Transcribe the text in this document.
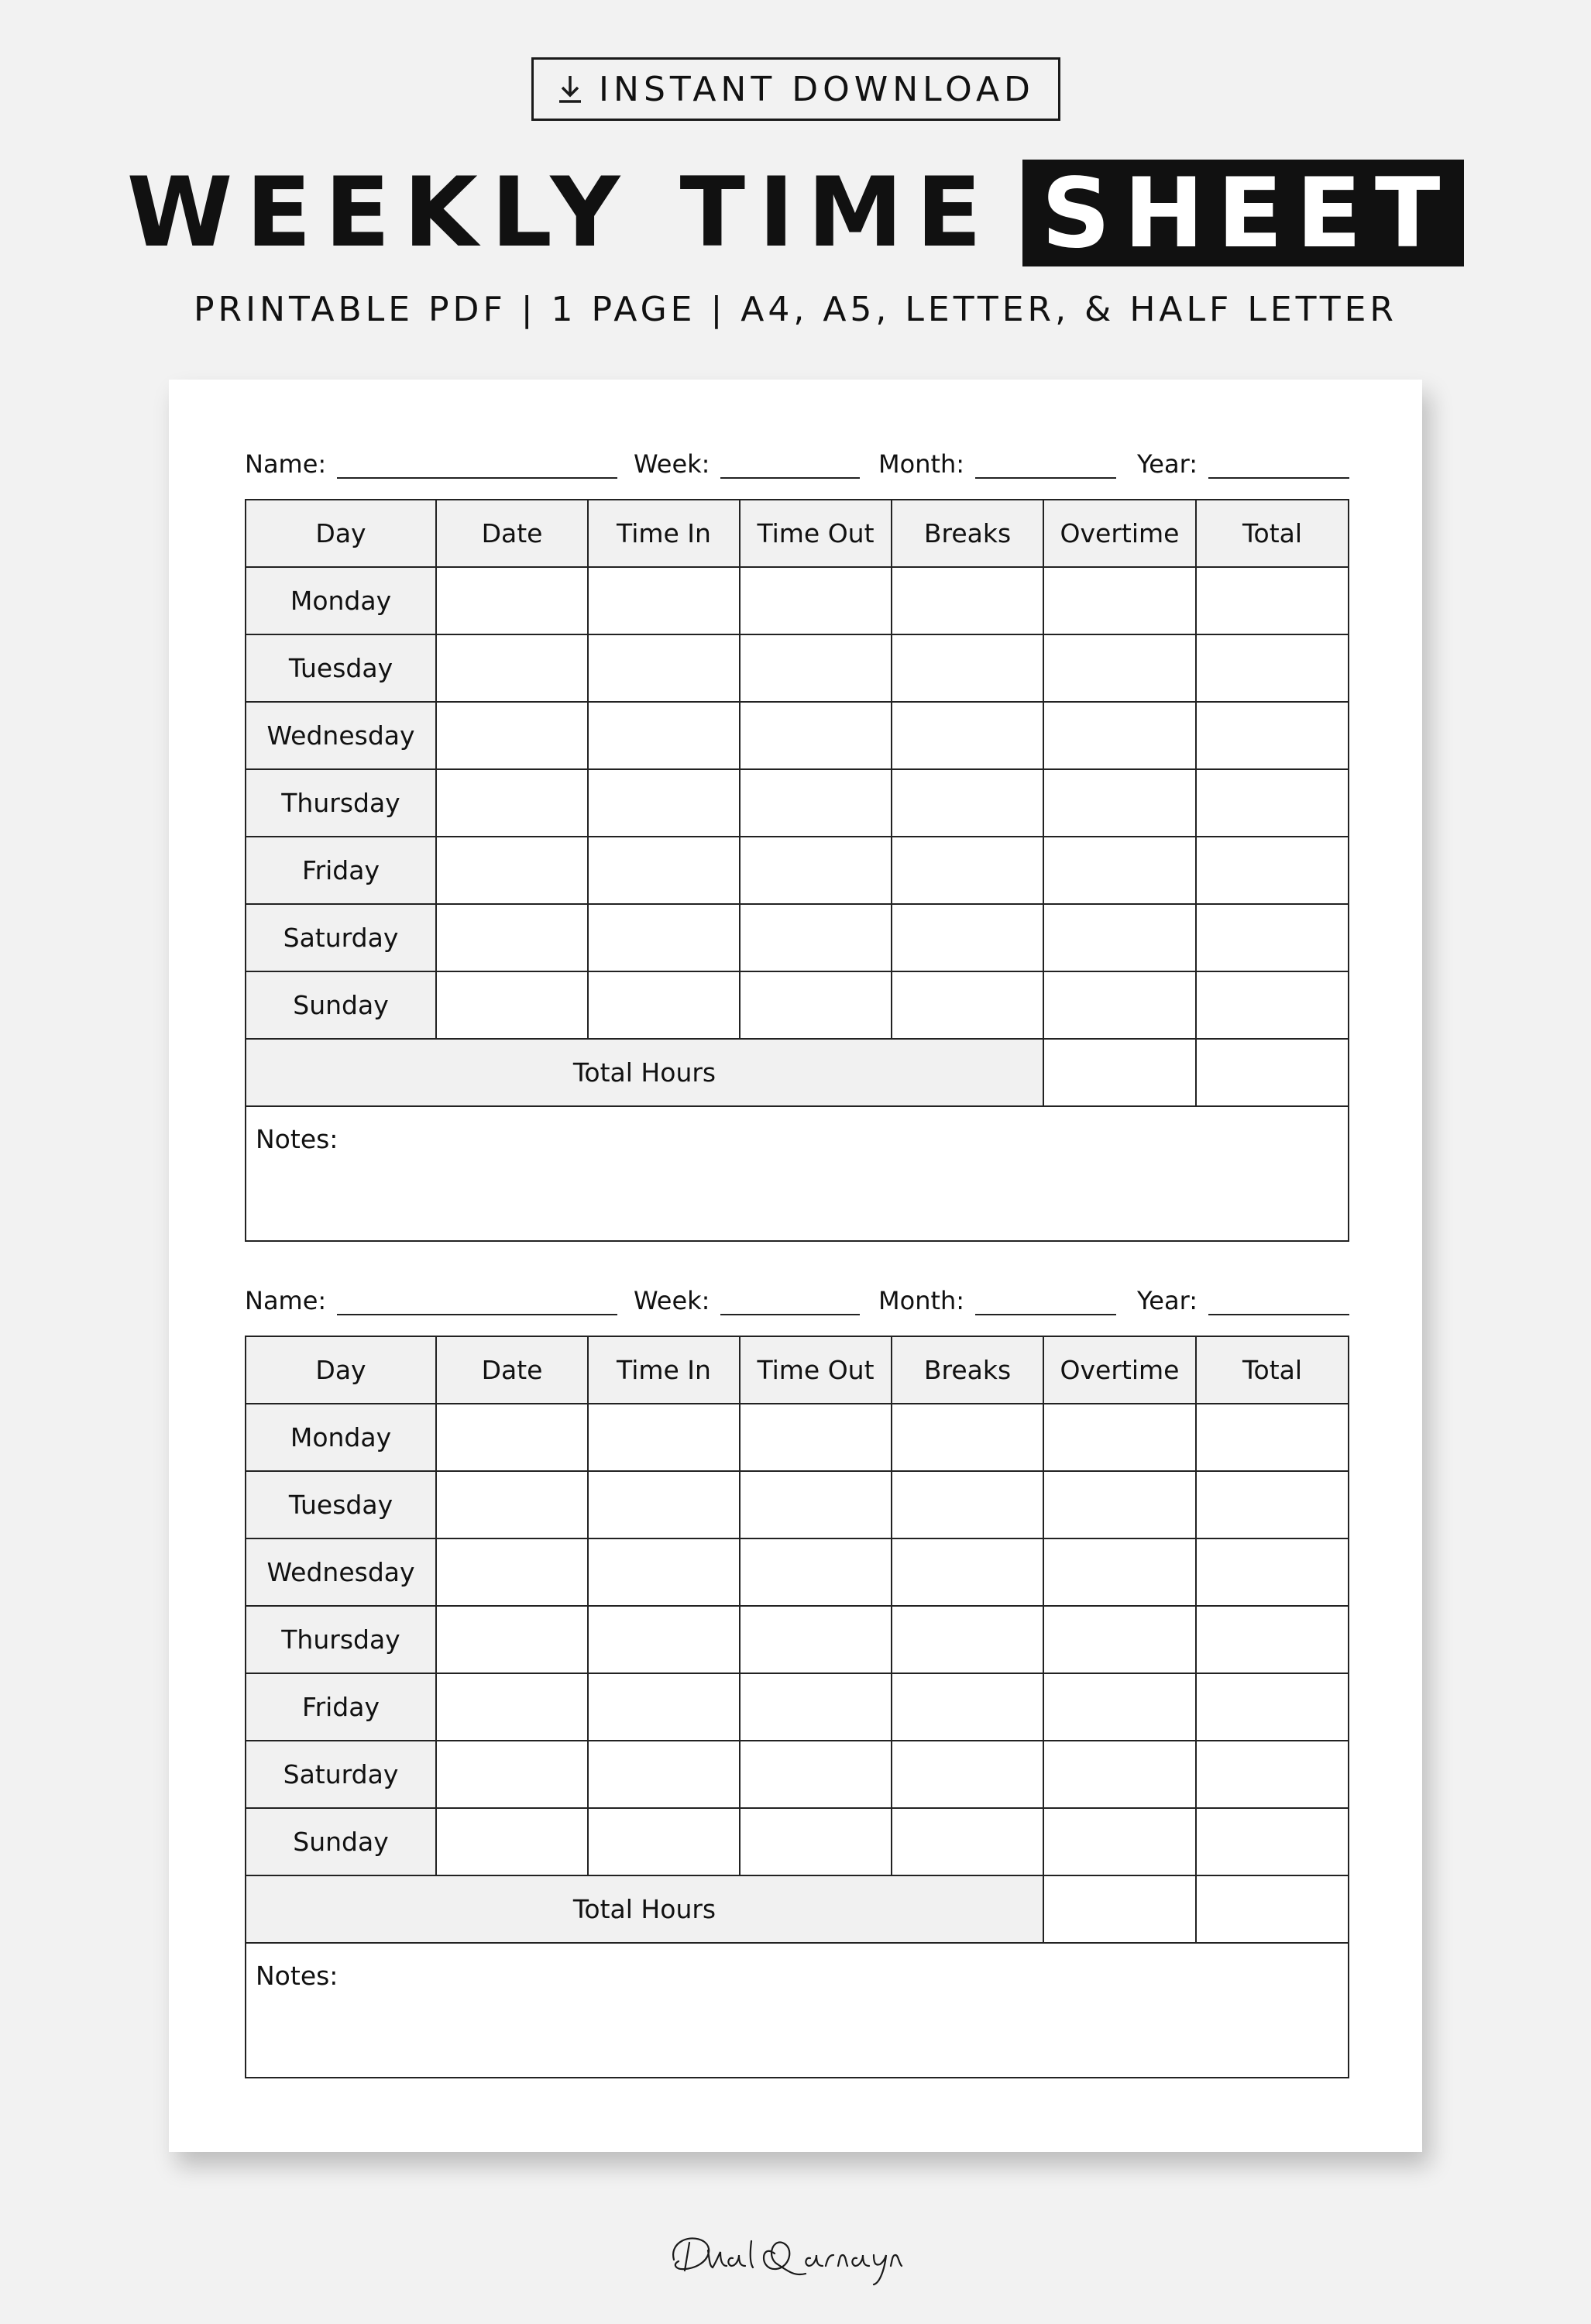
INSTANT DOWNLOAD
WEEKLY TIME SHEET
PRINTABLE PDF | 1 PAGE | A4, A5, LETTER, & HALF LETTER
Name:	Week:	Month:	Year:
Day	Date	Time In	Time Out	Breaks	Overtime	Total
Monday						
Tuesday						
Wednesday						
Thursday						
Friday						
Saturday						
Sunday						
Total Hours						
Notes:						
Name:	Week:	Month:	Year:
Day	Date	Time In	Time Out	Breaks	Overtime	Total
Monday						
Tuesday						
Wednesday						
Thursday						
Friday						
Saturday						
Sunday						
Total Hours						
Notes:						
